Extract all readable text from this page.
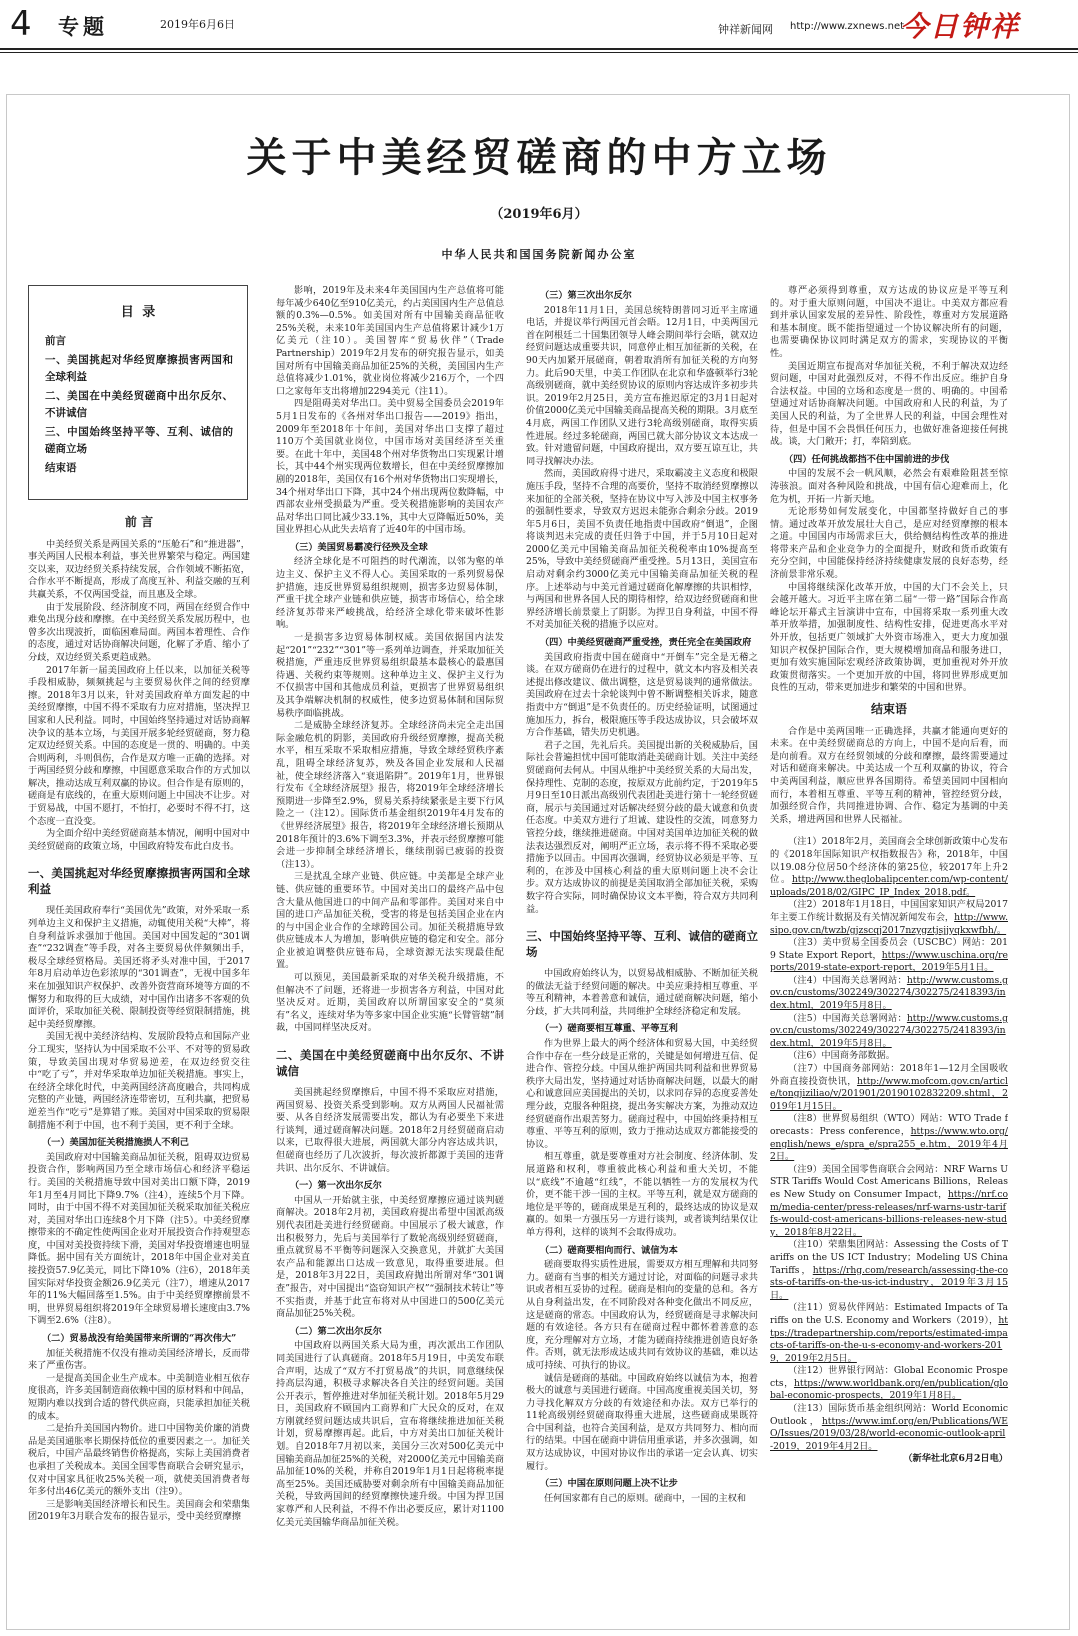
4 专题	2019年6月6日	钟祥新闻网 http://www.zxnews.net
今日钟祥
关于中美经贸磋商的中方立场
（2019年6月）
中华人民共和国国务院新闻办公室
目 录
前言
一、美国挑起对华经贸摩擦损害两国和全球利益
二、美国在中美经贸磋商中出尔反尔、不讲诚信
三、中国始终坚持平等、互利、诚信的磋商立场
结束语
前 言

中美经贸关系是两国关系的“压舱石”和“推进器”，事关两国人民根本利益，事关世界繁荣与稳定。两国建交以来，双边经贸关系持续发展，合作领域不断拓宽，合作水平不断提高，形成了高度互补、利益交融的互利共赢关系，不仅两国受益，而且惠及全球。

由于发展阶段、经济制度不同，两国在经贸合作中难免出现分歧和摩擦。在中美经贸关系发展历程中，也曾多次出现波折，面临困难局面。两国本着理性、合作的态度，通过对话协商解决问题，化解了矛盾、缩小了分歧，双边经贸关系更趋成熟。

2017年新一届美国政府上任以来，以加征关税等手段相威胁，频频挑起与主要贸易伙伴之间的经贸摩擦。2018年3月以来，针对美国政府单方面发起的中美经贸摩擦，中国不得不采取有力应对措施，坚决捍卫国家和人民利益。同时，中国始终坚持通过对话协商解决争议的基本立场，与美国开展多轮经贸磋商，努力稳定双边经贸关系。中国的态度是一贯的、明确的。中美合则两利，斗则俱伤，合作是双方唯一正确的选择。对于两国经贸分歧和摩擦，中国愿意采取合作的方式加以解决，推动达成互利双赢的协议。但合作是有原则的，磋商是有底线的，在重大原则问题上中国决不让步。对于贸易战，中国不愿打，不怕打，必要时不得不打，这个态度一直没变。

为全面介绍中美经贸磋商基本情况，阐明中国对中美经贸磋商的政策立场，中国政府特发布此白皮书。

一、美国挑起对华经贸摩擦损害两国和全球利益

现任美国政府奉行“美国优先”政策，对外采取一系列单边主义和保护主义措施，动辄使用关税“大棒”，将自身利益诉求强加于他国。美国对中国发起的“301调查”“232调查”等手段，对各主要贸易伙伴频频出手，极尽全球经贸格局。美国还将矛头对准中国，于2017年8月启动单边色彩浓厚的“301调查”，无视中国多年来在加强知识产权保护、改善外资营商环境等方面的不懈努力和取得的巨大成绩，对中国作出诸多不客观的负面评价，采取加征关税、限制投资等经贸限制措施，挑起中美经贸摩擦。

美国无视中美经济结构、发展阶段特点和国际产业分工现实，坚持认为中国采取不公平、不对等的贸易政策，导致美国出现对华贸易逆差，在双边经贸交往中“吃了亏”，并对华采取单边加征关税措施。事实上，在经济全球化时代，中美两国经济高度融合，共同构成完整的产业链，两国经济连带密切，互利共赢，把贸易逆差当作“吃亏”是算错了账。美国对中国采取的贸易限制措施不利于中国，也不利于美国，更不利于全球。

（一）美国加征关税措施损人不利己

美国政府对中国输美商品加征关税，阻碍双边贸易投资合作，影响两国乃至全球市场信心和经济平稳运行。美国的关税措施导致中国对美出口额下降，2019年1月至4月同比下降9.7%（注4），连续5个月下降。同时，由于中国不得不对美国加征关税采取加征关税应对，美国对华出口连续8个月下降（注5）。中美经贸摩擦带来的不确定性使两国企业对开展投资合作持观望态度，中国对美投资持续下滑，美国对华投资增速也明显降低。据中国有关方面统计，2018年中国企业对美直接投资57.9亿美元，同比下降10%（注6），2018年美国实际对华投资金额26.9亿美元（注7），增速从2017年的11%大幅回落至1.5%。由于中美经贸摩擦前景不明，世界贸易组织将2019年全球贸易增长速度由3.7%下调至2.6%（注8）。

（二）贸易战没有给美国带来所谓的“再次伟大”

加征关税措施不仅没有推动美国经济增长，反而带来了严重伤害。

一是提高美国企业生产成本。中美制造业相互依存度很高，许多美国制造商依赖中国的原材料和中间品，短期内难以找到合适的替代供应商，只能承担加征关税的成本。

二是抬升美国国内物价。进口中国物美价廉的消费品是美国通胀率长期保持低位的重要因素之一。加征关税后，中国产品最终销售价格提高，实际上美国消费者也承担了关税成本。美国全国零售商联合会研究显示，仅对中国家具征收25%关税一项，就使美国消费者每年多付出46亿美元的额外支出（注9）。

三是影响美国经济增长和民生。美国商会和荣鼎集团2019年3月联合发布的报告显示，受中美经贸摩擦

影响，2019年及未来4年美国国内生产总值将可能每年减少640亿至910亿美元，约占美国国内生产总值总额的0.3%—0.5%。如美国对所有中国输美商品征收25%关税，未来10年美国国内生产总值将累计减少1万亿美元（注10）。美国智库“贸易伙伴”（Trade Partnership）2019年2月发布的研究报告显示，如美国对所有中国输美商品加征25%的关税，美国国内生产总值将减少1.01%，就业岗位将减少216万个，一个四口之家每年支出将增加2294美元（注11）。

四是阻碍美对华出口。美中贸易全国委员会2019年5月1日发布的《各州对华出口报告——2019》指出，2009年至2018年十年间，美国对华出口支撑了超过110万个美国就业岗位，中国市场对美国经济至关重要。在此十年中，美国48个州对华货物出口实现累计增长，其中44个州实现两位数增长，但在中美经贸摩擦加剧的2018年，美国仅有16个州对华货物出口实现增长，34个州对华出口下降，其中24个州出现两位数降幅，中西部农业州受损最为严重。受关税措施影响的美国农产品对华出口同比减少33.1%，其中大豆降幅近50%，美国业界担心从此失去培育了近40年的中国市场。

（三）美国贸易霸凌行径殃及全球

经济全球化是不可阻挡的时代潮流，以邻为壑的单边主义、保护主义不得人心。美国采取的一系列贸易保护措施，违反世界贸易组织规则，损害多边贸易体制，严重干扰全球产业链和供应链，损害市场信心，给全球经济复苏带来严峻挑战，给经济全球化带来破坏性影响。

一是损害多边贸易体制权威。美国依据国内法发起“201”“232”“301”等一系列单边调查，并采取加征关税措施，严重违反世界贸易组织最基本最核心的最惠国待遇、关税约束等规则。这种单边主义、保护主义行为不仅损害中国和其他成员利益，更损害了世界贸易组织及其争端解决机制的权威性，使多边贸易体制和国际贸易秩序面临挑战。

二是威胁全球经济复苏。全球经济尚未完全走出国际金融危机的阴影，美国政府升级经贸摩擦，提高关税水平，相互采取不采取相应措施，导致全球经贸秩序紊乱，阻碍全球经济复苏，殃及各国企业发展和人民福祉，使全球经济落入“衰退陷阱”。2019年1月，世界银行发布《全球经济展望》报告，将2019年全球经济增长预期进一步降至2.9%，贸易关系持续紧张是主要下行风险之一（注12）。国际货币基金组织2019年4月发布的《世界经济展望》报告，将2019年全球经济增长预期从2018年预计的3.6%下调至3.3%，并表示经贸摩擦可能会进一步抑制全球经济增长，继续削弱已疲弱的投资（注13）。

三是扰乱全球产业链、供应链。中美都是全球产业链、供应链的重要环节。中国对美出口的最终产品中包含大量从他国进口的中间产品和零部件。美国对来自中国的进口产品加征关税，受害的将是包括美国企业在内的与中国企业合作的全球跨国公司。加征关税措施导致供应链成本人为增加，影响供应链的稳定和安全。部分企业被迫调整供应链布局，全球资源无法实现最佳配置。

可以预见，美国最新采取的对华关税升级措施，不但解决不了问题，还将进一步损害各方利益，中国对此坚决反对。近期，美国政府以所谓国家安全的“莫须有”名义，连续对华为等多家中国企业实施“长臂管辖”制裁，中国同样坚决反对。

二、美国在中美经贸磋商中出尔反尔、不讲诚信

美国挑起经贸摩擦后，中国不得不采取应对措施，两国贸易、投资关系受到影响。双方从两国人民福祉需要、从各自经济发展需要出发，都认为有必要坐下来进行谈判，通过磋商解决问题。2018年2月经贸磋商启动以来，已取得很大进展，两国就大部分内容达成共识，但磋商也经历了几次波折，每次波折都源于美国的违背共识、出尔反尔、不讲诚信。

（一）第一次出尔反尔

中国从一开始就主张，中美经贸摩擦应通过谈判磋商解决。2018年2月初，美国政府提出希望中国派高级别代表团赴美进行经贸磋商。中国展示了极大诚意，作出积极努力，先后与美国举行了数轮高级别经贸磋商，重点就贸易不平衡等问题深入交换意见，并就扩大美国农产品和能源出口达成一致意见，取得重要进展。但是，2018年3月22日，美国政府抛出所谓对华“301调查”报告，对中国提出“盗窃知识产权”“强制技术转让”等不实指责，并基于此宣布将对从中国进口的500亿美元商品加征25%关税。

（二）第二次出尔反尔

中国政府以两国关系大局为重，再次派出工作团队同美国进行了认真磋商。2018年5月19日，中美发布联合声明，达成了“双方不打贸易战”的共识，同意继续保持高层沟通，积极寻求解决各自关注的经贸问题。美国公开表示，暂停推进对华加征关税计划。2018年5月29日，美国政府不顾国内工商界和广大民众的反对，在双方刚就经贸问题达成共识后，宣布将继续推进加征关税计划，贸易摩擦再起。此后，中方对美出口加征关税计划。自2018年7月初以来，美国分三次对500亿美元中国输美商品加征25%的关税，对2000亿美元中国输美商品加征10%的关税，并称自2019年1月1日起将税率提高至25%。美国还威胁要对剩余所有中国输美商品加征关税，导致两国间的经贸摩擦快速升级。中国为捍卫国家尊严和人民利益，不得不作出必要反应，累计对1100亿美元美国输华商品加征关税。

（三）第三次出尔反尔

2018年11月1日，美国总统特朗普同习近平主席通电话，并提议举行两国元首会晤。12月1日，中美两国元首在阿根廷二十国集团领导人峰会期间举行会晤，就双边经贸问题达成重要共识，同意停止相互加征新的关税，在90天内加紧开展磋商，朝着取消所有加征关税的方向努力。此后90天里，中美工作团队在北京和华盛顿举行3轮高级别磋商，就中美经贸协议的原则内容达成许多初步共识。2019年2月25日，美方宣布推迟原定的3月1日起对价值2000亿美元中国输美商品提高关税的期限。3月底至4月底，两国工作团队又进行3轮高级别磋商，取得实质性进展。经过多轮磋商，两国已就大部分协议文本达成一致。针对遗留问题，中国政府提出，双方要互谅互让，共同寻找解决办法。

然而，美国政府得寸进尺，采取霸凌主义态度和极限施压手段，坚持不合理的高要价，坚持不取消经贸摩擦以来加征的全部关税，坚持在协议中写入涉及中国主权事务的强制性要求，导致双方迟迟未能弥合剩余分歧。2019年5月6日，美国不负责任地指责中国政府“倒退”，企图将谈判迟未完成的责任归咎于中国，并于5月10日起对2000亿美元中国输美商品加征关税税率由10%提高至25%，导致中美经贸磋商严重受挫。5月13日，美国宣布启动对剩余约3000亿美元中国输美商品加征关税的程序。上述举动与中美元首通过磋商化解摩擦的共识相悖，与两国和世界各国人民的期待相悖，给双边经贸磋商和世界经济增长前景蒙上了阴影。为捍卫自身利益，中国不得不对美加征关税的措施予以应对。

（四）中美经贸磋商严重受挫，责任完全在美国政府

美国政府指责中国在磋商中“开倒车”完全是无稽之谈。在双方磋商仍在进行的过程中，就文本内容及相关表述提出修改建议、做出调整，这是贸易谈判的通常做法。美国政府在过去十余轮谈判中曾不断调整相关诉求，随意指责中方“倒退”是不负责任的。历史经验证明，试图通过施加压力，拆台，极限施压等手段达成协议，只会破坏双方合作基础，错失历史机遇。

君子之国，先礼后兵。美国提出新的关税威胁后，国际社会普遍担忧中国可能取消赴美磋商计划。关注中美经贸磋商何去何从。中国从维护中美经贸关系的大局出发，保持理性、克制的态度，按原双方此前约定，于2019年5月9日至10日派出高级别代表团赴美进行第十一轮经贸磋商，展示与美国通过对话解决经贸分歧的最大诚意和负责任态度。中美双方进行了坦诚、建设性的交流，同意努力管控分歧，继续推进磋商。中国对美国单边加征关税的做法表达强烈反对，阐明严正立场，表示将不得不采取必要措施予以回击。中国再次强调，经贸协议必须是平等、互利的，在涉及中国核心利益的重大原则问题上决不会让步。双方达成协议的前提是美国取消全部加征关税，采购数字符合实际，同时确保协议文本平衡，符合双方共同利益。

三、中国始终坚持平等、互利、诚信的磋商立场

中国政府始终认为，以贸易战相威胁、不断加征关税的做法无益于经贸问题的解决。中美应秉持相互尊重、平等互利精神，本着善意和诚信，通过磋商解决问题，缩小分歧，扩大共同利益，共同维护全球经济稳定和发展。

（一）磋商要相互尊重、平等互利

作为世界上最大的两个经济体和贸易大国，中美经贸合作中存在一些分歧是正常的，关键是如何增进互信、促进合作、管控分歧。中国从维护两国共同利益和世界贸易秩序大局出发，坚持通过对话协商解决问题，以最大的耐心和诚意回应美国提出的关切，以求同存异的态度妥善处理分歧，克服各种阻挠，提出务实解决方案，为推动双边经贸磋商作出艰苦努力。磋商过程中，中国始终秉持相互尊重、平等互利的原则，致力于推动达成双方都能接受的协议。

相互尊重，就是要尊重对方社会制度、经济体制、发展道路和权利，尊重彼此核心利益和重大关切，不能以“底线”不逾越“红线”，不能以牺牲一方的发展权为代价，更不能干涉一国的主权。平等互利，就是双方磋商的地位是平等的，磋商成果是互利的，最终达成的协议是双赢的。如果一方强压另一方进行谈判，或者谈判结果仅让单方得利，这样的谈判不会取得成功。

（二）磋商要相向而行、诚信为本

磋商要取得实质性进展，需要双方相互理解和共同努力。磋商有当事的相关方通过讨论，对面临的问题寻求共识或者相互妥协的过程。磋商是相向的变量的总和。各方从自身利益出发，在不同阶段对各种变化做出不同反应，这是磋商的常态。中国政府认为，经贸磋商是寻求解决问题的有效途径。各方只有在磋商过程中都怀着善意的态度，充分理解对方立场，才能为磋商持续推进创造良好条件。否则，就无法形成达成共同有效协议的基础，难以达成可持续、可执行的协议。

诚信是磋商的基础。中国政府始终以诚信为本，抱着极大的诚意与美国进行磋商。中国高度重视美国关切，努力寻找化解双方分歧的有效途径和办法。双方已举行的11轮高级别经贸磋商取得重大进展，这些磋商成果既符合中国利益，也符合美国利益，是双方共同努力、相向而行的结果。中国在磋商中讲信用重承诺，并多次强调，如双方达成协议，中国对协议作出的承诺一定会认真、切实履行。

（三）中国在原则问题上决不让步

任何国家都有自己的原则。磋商中，一国的主权和

尊严必须得到尊重，双方达成的协议应是平等互利的。对于重大原则问题，中国决不退让。中美双方都应看到并承认国家发展的差异性、阶段性，尊重对方发展道路和基本制度。既不能指望通过一个协议解决所有的问题，也需要确保协议同时满足双方的需求，实现协议的平衡性。

美国近期宣布提高对华加征关税，不利于解决双边经贸问题，中国对此强烈反对，不得不作出反应。维护自身合法权益。中国的立场和态度是一贯的、明确的。中国希望通过对话协商解决问题。中国政府和人民的利益，为了美国人民的利益，为了全世界人民的利益，中国会理性对待，但是中国不会畏惧任何压力，也做好准备迎接任何挑战。谈，大门敞开；打，奉陪到底。

（四）任何挑战都挡不住中国前进的步伐

中国的发展不会一帆风顺，必然会有艰难险阻甚至惊涛骇浪。面对各种风险和挑战，中国有信心迎难而上，化危为机，开拓一片新天地。

无论形势如何发展变化，中国都坚持做好自己的事情。通过改革开放发展壮大自己，是应对经贸摩擦的根本之道。中国国内市场需求巨大，供给侧结构性改革的推进将带来产品和企业竞争力的全面提升，财政和货币政策有充分空间，中国能保持经济持续健康发展的良好态势，经济前景非常乐观。

中国将继续深化改革开放，中国的大门不会关上，只会越开越大。习近平主席在第二届“一带一路”国际合作高峰论坛开幕式主旨演讲中宣布，中国将采取一系列重大改革开放举措，加强制度性、结构性安排，促进更高水平对外开放，包括更广领域扩大外资市场准入，更大力度加强知识产权保护国际合作，更大规模增加商品和服务进口，更加有效实施国际宏观经济政策协调，更加重视对外开放政策贯彻落实。一个更加开放的中国，将同世界形成更加良性的互动，带来更加进步和繁荣的中国和世界。

结束语

合作是中美两国唯一正确选择，共赢才能通向更好的未来。在中美经贸磋商总的方向上，中国不是向后看，而是向前看。双方在经贸领域的分歧和摩擦，最终需要通过对话和磋商来解决。中美达成一个互利双赢的协议，符合中美两国利益，顺应世界各国期待。希望美国同中国相向而行，本着相互尊重、平等互利的精神，管控经贸分歧，加强经贸合作，共同推进协调、合作、稳定为基调的中美关系，增进两国和世界人民福祉。

（注1）2018年2月，美国商会全球创新政策中心发布的《2018年国际知识产权指数报告》称，2018年，中国以19.08分位居50个经济体的第25位，较2017年上升2位。http://www.theglobalipcenter.com/wp-content/uploads/2018/02/GIPC_IP_Index_2018.pdf。
（注2）2018年1月18日，中国国家知识产权局2017年主要工作统计数据及有关情况新闻发布会，http://www.sipo.gov.cn/twzb/gjzscqj2017nzygztjsjjyqkxwfbh/。
（注3）美中贸易全国委员会（USCBC）网站：2019 State Export Report，https://www.uschina.org/reports/2019-state-export-report，2019年5月1日。
（注4）中国海关总署网站：http://www.customs.gov.cn/customs/302249/302274/302275/2418393/index.html，2019年5月8日。
（注5）中国海关总署网站：http://www.customs.gov.cn/customs/302249/302274/302275/2418393/index.html，2019年5月8日。
（注6）中国商务部数据。
（注7）中国商务部网站：2018年1—12月全国吸收外商直接投资快讯，http://www.mofcom.gov.cn/article/tongjiziliao/v/201901/20190102832209.shtml，2019年1月15日。
（注8）世界贸易组织（WTO）网站：WTO Trade forecasts：Press conference，https://www.wto.org/english/news_e/spra_e/spra255_e.htm，2019年4月2日。
（注9）美国全国零售商联合会网站：NRF Warns USTR Tariffs Would Cost Americans Billions，Releases New Study on Consumer Impact，https://nrf.com/media-center/press-releases/nrf-warns-ustr-tariffs-would-cost-americans-billions-releases-new-study，2018年8月22日。
（注10）荣鼎集团网站：Assessing the Costs of Tariffs on the US ICT Industry；Modeling US China Tariffs，https://rhg.com/research/assessing-the-costs-of-tariffs-on-the-us-ict-industry，2019年3月15日。
（注11）贸易伙伴网站：Estimated Impacts of Tariffs on the U.S. Economy and Workers（2019），https://tradepartnership.com/reports/estimated-impacts-of-tariffs-on-the-u-s-economy-and-workers-2019，2019年2月5日。
（注12）世界银行网站：Global Economic Prospects，https://www.worldbank.org/en/publication/global-economic-prospects，2019年1月8日。
（注13）国际货币基金组织网站：World Economic Outlook，https://www.imf.org/en/Publications/WEO/Issues/2019/03/28/world-economic-outlook-april-2019，2019年4月2日。
（新华社北京6月2日电）
